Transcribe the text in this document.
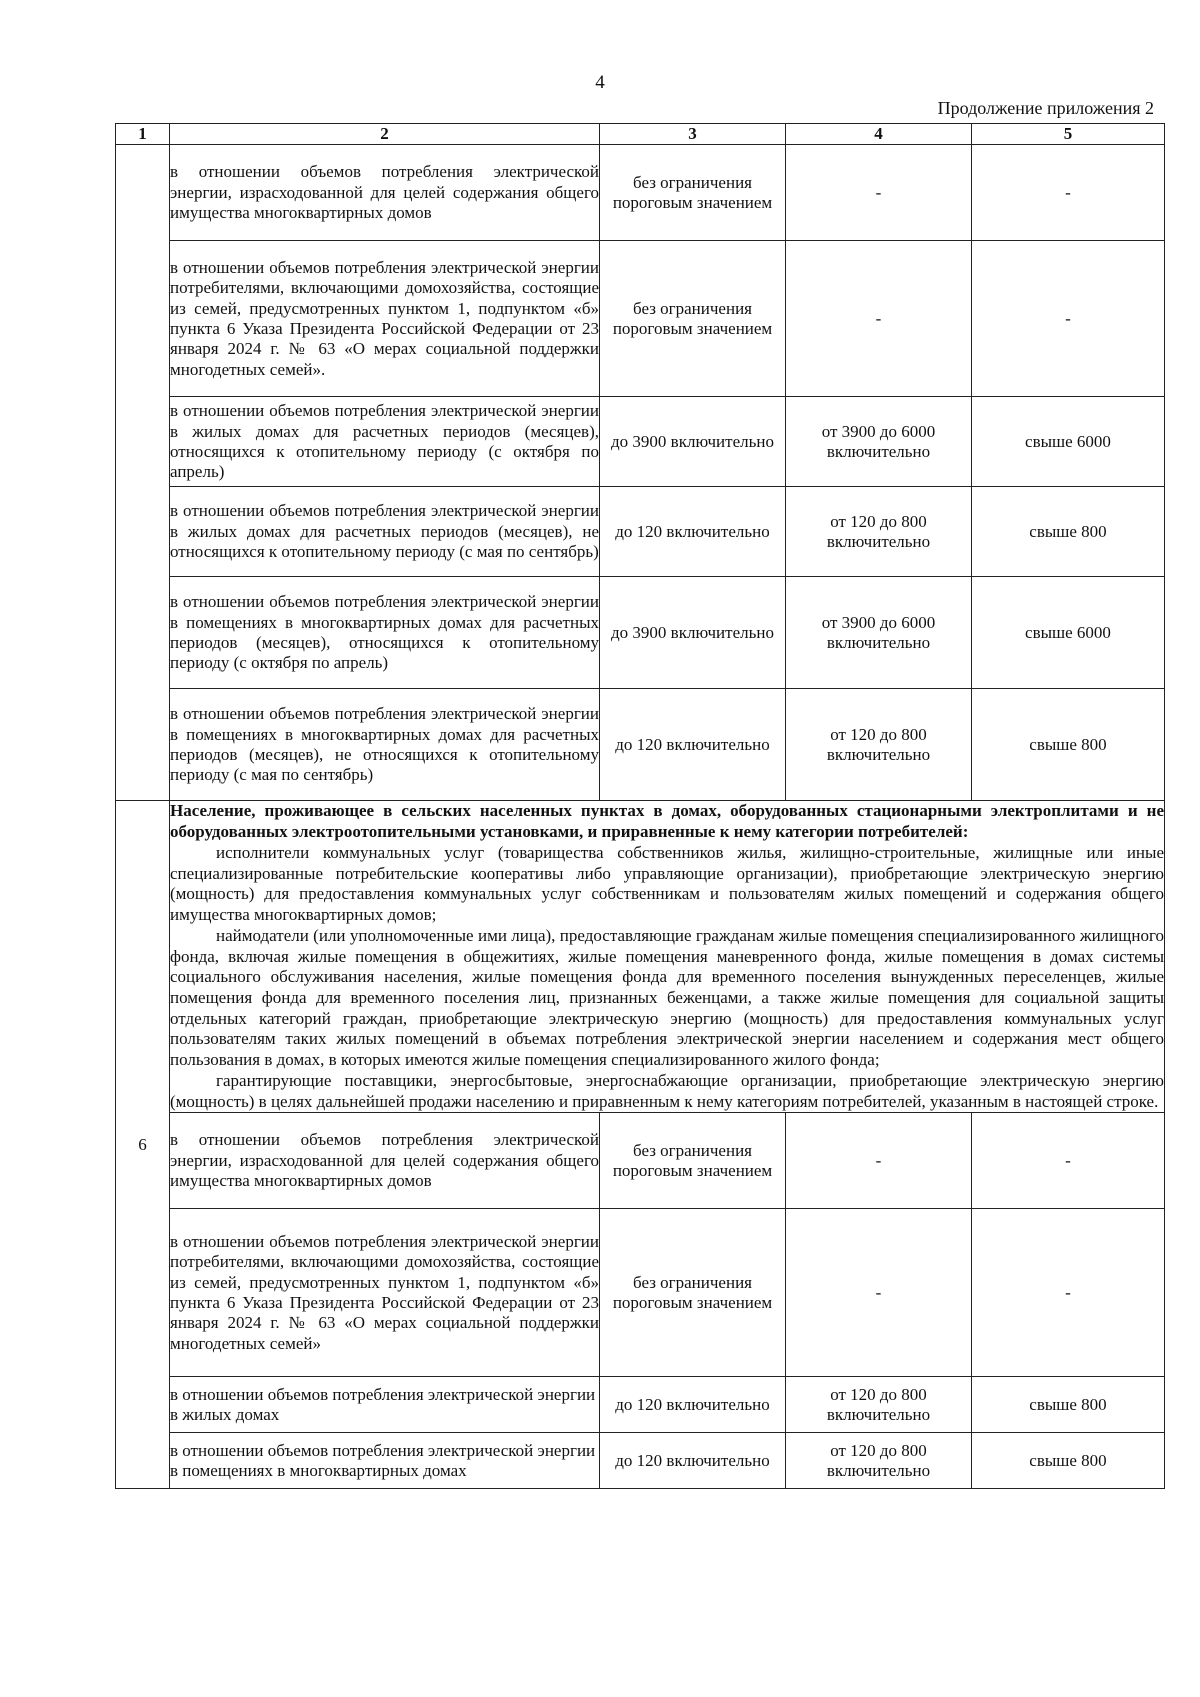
4
Продолжение приложения 2
1	2	3	4	5
	в отношении объемов потребления электрической энергии, израсходованной для целей содержания общего имущества многоквартирных домов	без ограничения пороговым значением	-	-
	в отношении объемов потребления электрической энергии потребителями, включающими домохозяйства, состоящие из семей, предусмотренных пунктом 1, подпунктом «б» пункта 6 Указа Президента Российской Федерации от 23 января 2024 г. № 63 «О мерах социальной поддержки многодетных семей».	без ограничения пороговым значением	-	-
	в отношении объемов потребления электрической энергии в жилых домах для расчетных периодов (месяцев), относящихся к отопительному периоду (с октября по апрель)	до 3900 включительно	от 3900 до 6000 включительно	свыше 6000
	в отношении объемов потребления электрической энергии в жилых домах для расчетных периодов (месяцев), не относящихся к отопительному периоду (с мая по сентябрь)	до 120 включительно	от 120 до 800 включительно	свыше 800
	в отношении объемов потребления электрической энергии в помещениях в многоквартирных домах для расчетных периодов (месяцев), относящихся к отопительному периоду (с октября по апрель)	до 3900 включительно	от 3900 до 6000 включительно	свыше 6000
	в отношении объемов потребления электрической энергии в помещениях в многоквартирных домах для расчетных периодов (месяцев), не относящихся к отопительному периоду (с мая по сентябрь)	до 120 включительно	от 120 до 800 включительно	свыше 800
6	Население, проживающее в сельских населенных пунктах в домах, оборудованных стационарными электроплитами и не оборудованных электроотопительными установками, и приравненные к нему категории потребителей:
исполнители коммунальных услуг (товарищества собственников жилья, жилищно-строительные, жилищные или иные специализированные потребительские кооперативы либо управляющие организации), приобретающие электрическую энергию (мощность) для предоставления коммунальных услуг собственникам и пользователям жилых помещений и содержания общего имущества многоквартирных домов;
наймодатели (или уполномоченные ими лица), предоставляющие гражданам жилые помещения специализированного жилищного фонда, включая жилые помещения в общежитиях, жилые помещения маневренного фонда, жилые помещения в домах системы социального обслуживания населения, жилые помещения фонда для временного поселения вынужденных переселенцев, жилые помещения фонда для временного поселения лиц, признанных беженцами, а также жилые помещения для социальной защиты отдельных категорий граждан, приобретающие электрическую энергию (мощность) для предоставления коммунальных услуг пользователям таких жилых помещений в объемах потребления электрической энергии населением и содержания мест общего пользования в домах, в которых имеются жилые помещения специализированного жилого фонда;
гарантирующие поставщики, энергосбытовые, энергоснабжающие организации, приобретающие электрическую энергию (мощность) в целях дальнейшей продажи населению и приравненным к нему категориям потребителей, указанным в настоящей строке.			

	в отношении объемов потребления электрической энергии, израсходованной для целей содержания общего имущества многоквартирных домов	без ограничения пороговым значением	-	-
	в отношении объемов потребления электрической энергии потребителями, включающими домохозяйства, состоящие из семей, предусмотренных пунктом 1, подпунктом «б» пункта 6 Указа Президента Российской Федерации от 23 января 2024 г. № 63 «О мерах социальной поддержки многодетных семей»	без ограничения пороговым значением	-	-
	в отношении объемов потребления электрической энергии в жилых домах	до 120 включительно	от 120 до 800 включительно	свыше 800
	в отношении объемов потребления электрической энергии в помещениях в многоквартирных домах	до 120 включительно	от 120 до 800 включительно	свыше 800
